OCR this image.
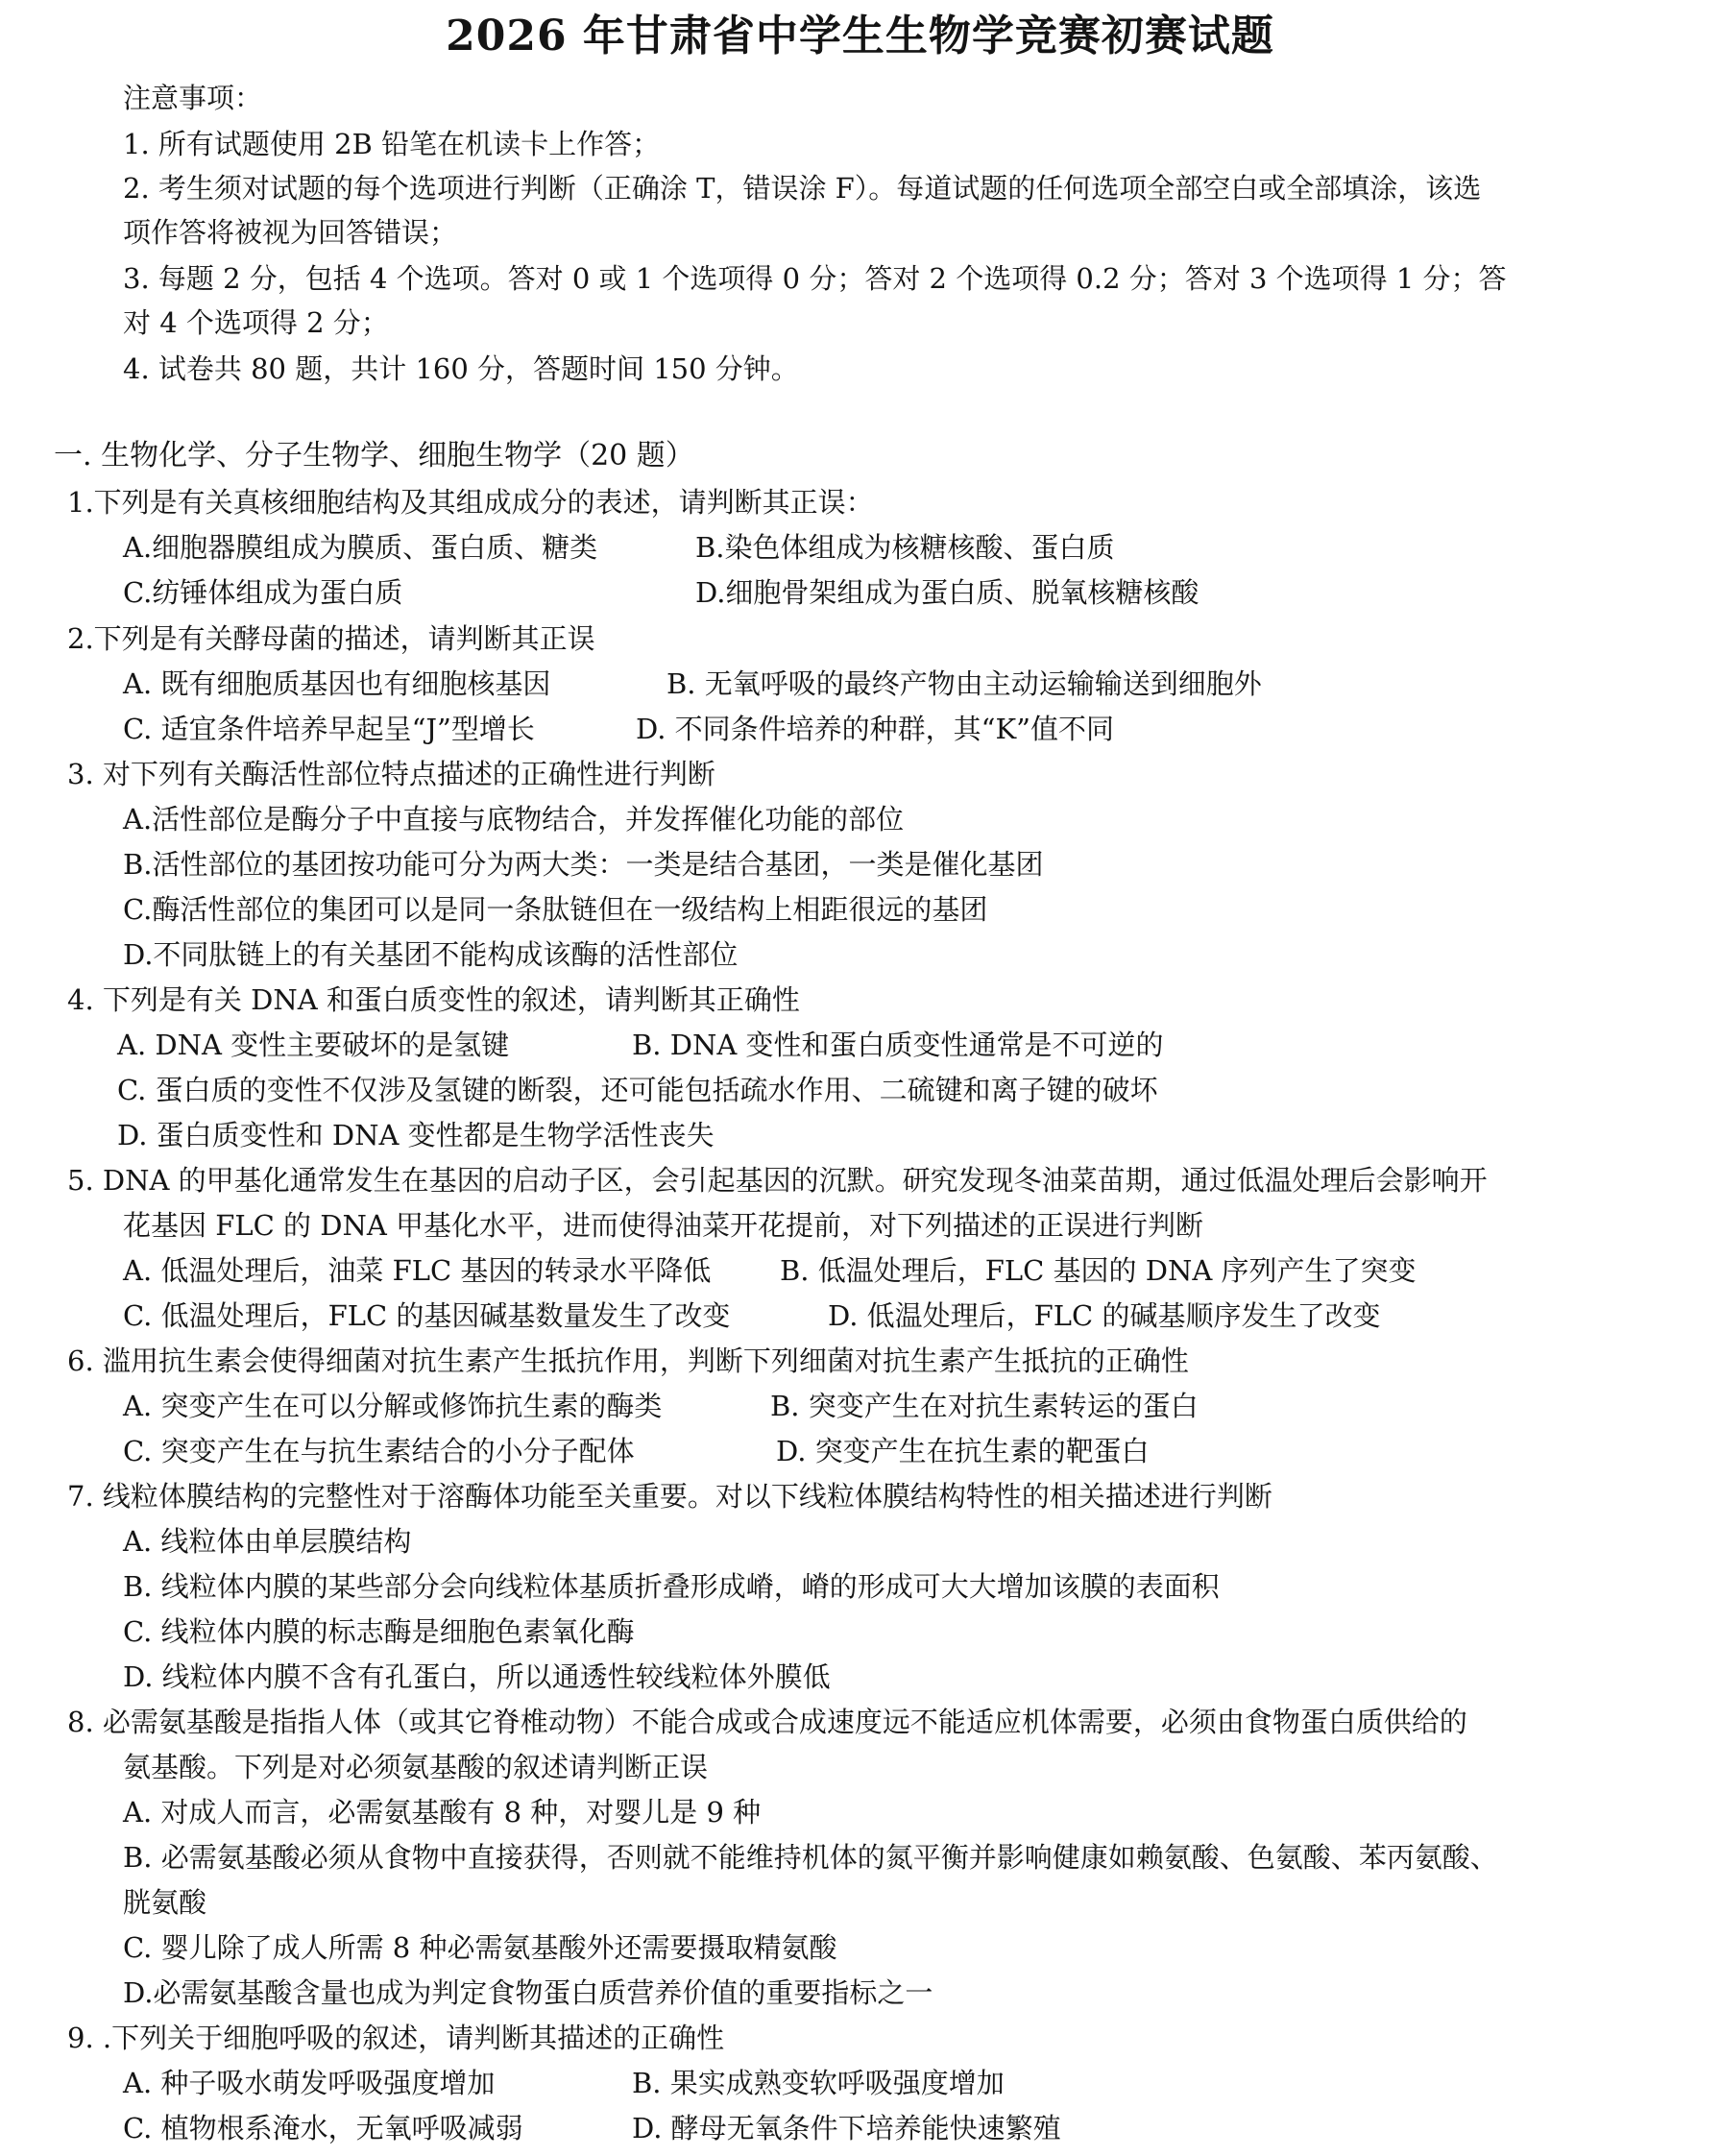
2026 年甘肃省中学生生物学竞赛初赛试题
注意事项：
1. 所有试题使用 2B 铅笔在机读卡上作答；
2. 考生须对试题的每个选项进行判断（正确涂 T，错误涂 F）。每道试题的任何选项全部空白或全部填涂，该选
项作答将被视为回答错误；
3. 每题 2 分，包括 4 个选项。答对 0 或 1 个选项得 0 分；答对 2 个选项得 0.2 分；答对 3 个选项得 1 分；答
对 4 个选项得 2 分；
4. 试卷共 80 题，共计 160 分，答题时间 150 分钟。
一. 生物化学、分子生物学、细胞生物学（20 题）
1.下列是有关真核细胞结构及其组成成分的表述，请判断其正误：
A.细胞器膜组成为膜质、蛋白质、糖类	B.染色体组成为核糖核酸、蛋白质
C.纺锤体组成为蛋白质	D.细胞骨架组成为蛋白质、脱氧核糖核酸
2.下列是有关酵母菌的描述，请判断其正误
A. 既有细胞质基因也有细胞核基因	B. 无氧呼吸的最终产物由主动运输输送到细胞外
C. 适宜条件培养早起呈“J”型增长	D. 不同条件培养的种群，其“K”值不同
3. 对下列有关酶活性部位特点描述的正确性进行判断
A.活性部位是酶分子中直接与底物结合，并发挥催化功能的部位
B.活性部位的基团按功能可分为两大类：一类是结合基团，一类是催化基团
C.酶活性部位的集团可以是同一条肽链但在一级结构上相距很远的基团
D.不同肽链上的有关基团不能构成该酶的活性部位
4. 下列是有关 DNA 和蛋白质变性的叙述，请判断其正确性
A. DNA 变性主要破坏的是氢键	B. DNA 变性和蛋白质变性通常是不可逆的
C. 蛋白质的变性不仅涉及氢键的断裂，还可能包括疏水作用、二硫键和离子键的破坏
D. 蛋白质变性和 DNA 变性都是生物学活性丧失
5. DNA 的甲基化通常发生在基因的启动子区，会引起基因的沉默。研究发现冬油菜苗期，通过低温处理后会影响开
花基因 FLC 的 DNA 甲基化水平，进而使得油菜开花提前，对下列描述的正误进行判断
A. 低温处理后，油菜 FLC 基因的转录水平降低 B. 低温处理后，FLC 基因的 DNA 序列产生了突变
C. 低温处理后，FLC 的基因碱基数量发生了改变	D. 低温处理后，FLC 的碱基顺序发生了改变
6. 滥用抗生素会使得细菌对抗生素产生抵抗作用，判断下列细菌对抗生素产生抵抗的正确性
A. 突变产生在可以分解或修饰抗生素的酶类	B. 突变产生在对抗生素转运的蛋白
C. 突变产生在与抗生素结合的小分子配体	D. 突变产生在抗生素的靶蛋白
7. 线粒体膜结构的完整性对于溶酶体功能至关重要。对以下线粒体膜结构特性的相关描述进行判断
A. 线粒体由单层膜结构
B. 线粒体内膜的某些部分会向线粒体基质折叠形成嵴，嵴的形成可大大增加该膜的表面积
C. 线粒体内膜的标志酶是细胞色素氧化酶
D. 线粒体内膜不含有孔蛋白，所以通透性较线粒体外膜低
8. 必需氨基酸是指指人体（或其它脊椎动物）不能合成或合成速度远不能适应机体需要，必须由食物蛋白质供给的
氨基酸。下列是对必须氨基酸的叙述请判断正误
A. 对成人而言，必需氨基酸有 8 种，对婴儿是 9 种
B. 必需氨基酸必须从食物中直接获得，否则就不能维持机体的氮平衡并影响健康如赖氨酸、色氨酸、苯丙氨酸、
胱氨酸
C. 婴儿除了成人所需 8 种必需氨基酸外还需要摄取精氨酸
D.必需氨基酸含量也成为判定食物蛋白质营养价值的重要指标之一
9. .下列关于细胞呼吸的叙述，请判断其描述的正确性
A. 种子吸水萌发呼吸强度增加	B. 果实成熟变软呼吸强度增加
C. 植物根系淹水，无氧呼吸减弱	D. 酵母无氧条件下培养能快速繁殖
